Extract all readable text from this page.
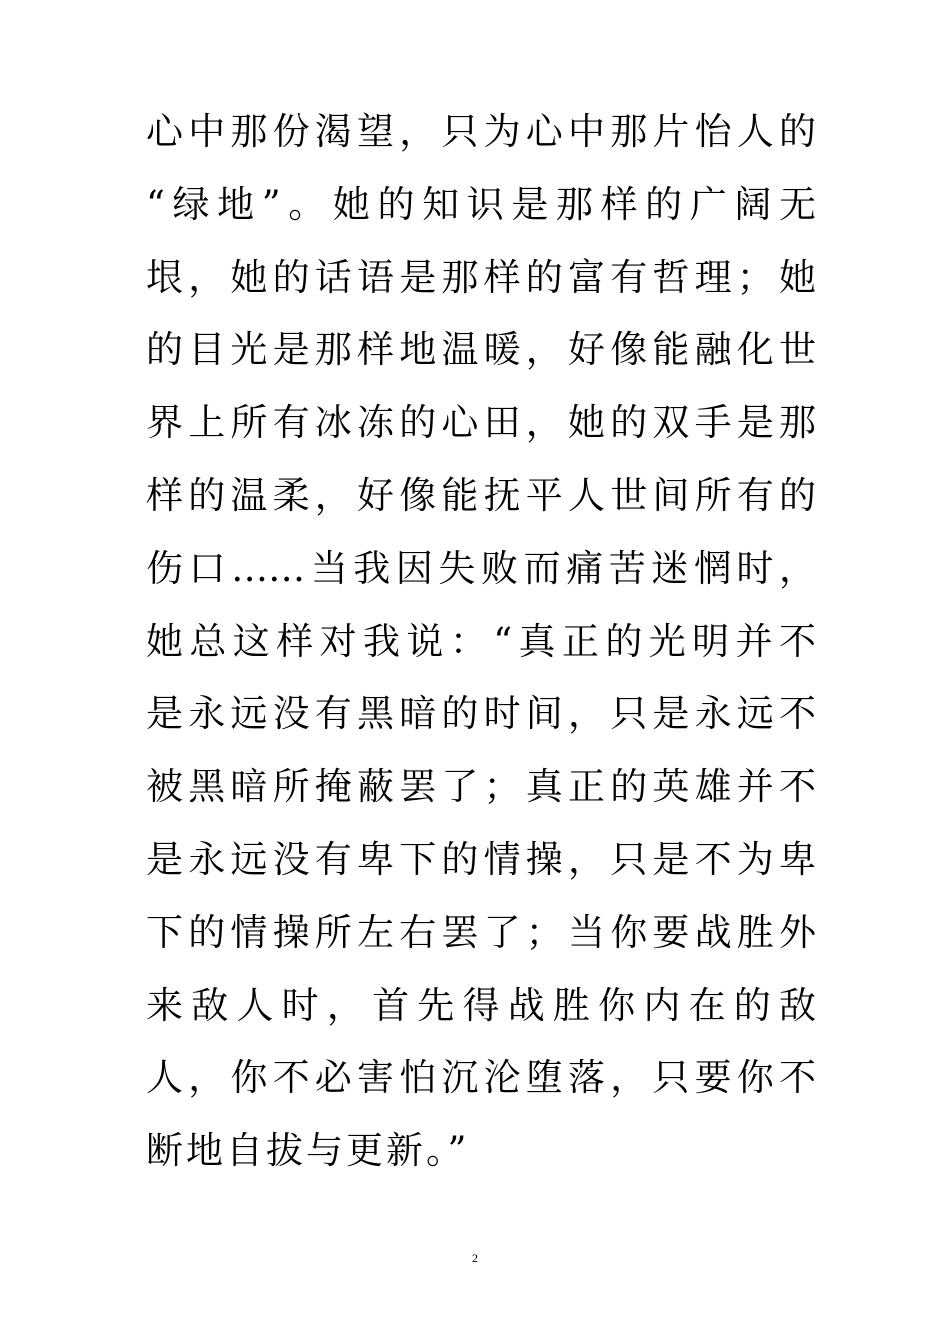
心中那份渴望，只为心中那片怡人的
“绿地”。她的知识是那样的广阔无
垠，她的话语是那样的富有哲理；她
的目光是那样地温暖，好像能融化世
界上所有冰冻的心田，她的双手是那
样的温柔，好像能抚平人世间所有的
伤口……当我因失败而痛苦迷惘时，
她总这样对我说：“真正的光明并不
是永远没有黑暗的时间，只是永远不
被黑暗所掩蔽罢了；真正的英雄并不
是永远没有卑下的情操，只是不为卑
下的情操所左右罢了；当你要战胜外
来敌人时，首先得战胜你内在的敌
人，你不必害怕沉沦堕落，只要你不
断地自拔与更新。”
2
